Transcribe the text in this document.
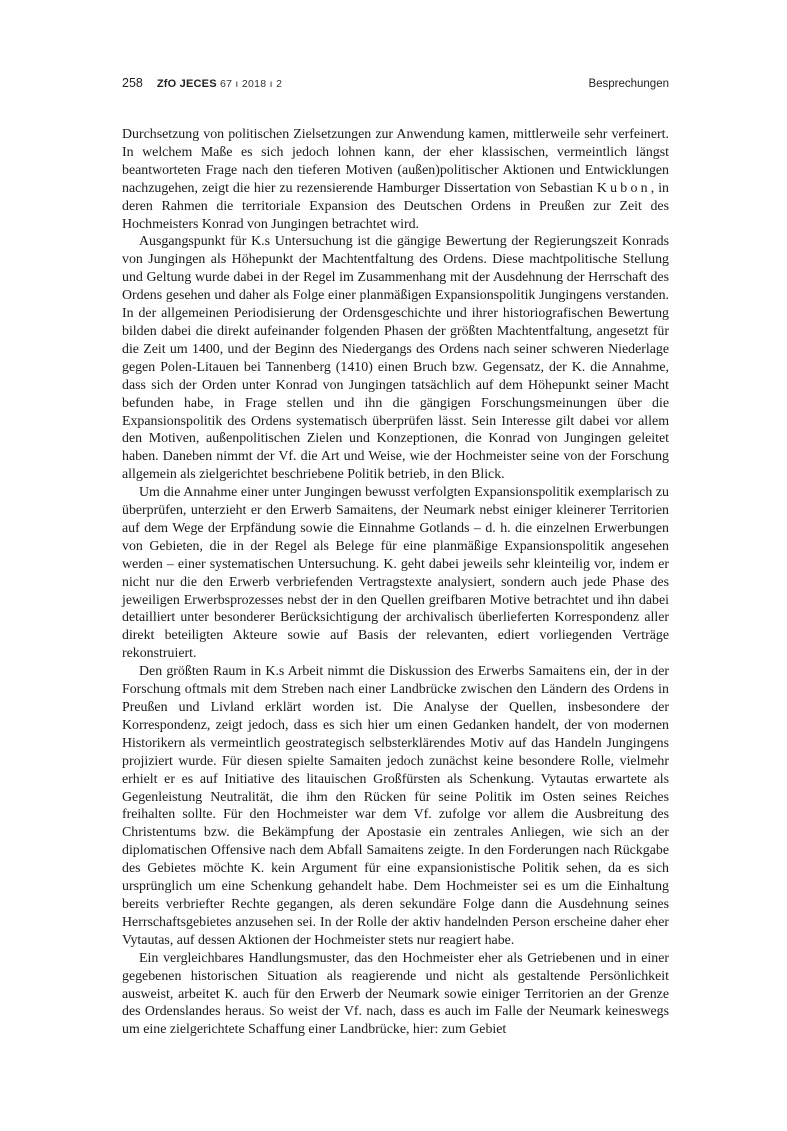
258 ZfO JECES 67 ı 2018 ı 2	Besprechungen

Durchsetzung von politischen Zielsetzungen zur Anwendung kamen, mittlerweile sehr verfeinert. In welchem Maße es sich jedoch lohnen kann, der eher klassischen, vermeintlich längst beantworteten Frage nach den tieferen Motiven (außen)politischer Aktionen und Entwicklungen nachzugehen, zeigt die hier zu rezensierende Hamburger Dissertation von Sebastian Kubon, in deren Rahmen die territoriale Expansion des Deutschen Ordens in Preußen zur Zeit des Hochmeisters Konrad von Jungingen betrachtet wird.

Ausgangspunkt für K.s Untersuchung ist die gängige Bewertung der Regierungszeit Konrads von Jungingen als Höhepunkt der Machtentfaltung des Ordens. Diese machtpolitische Stellung und Geltung wurde dabei in der Regel im Zusammenhang mit der Ausdehnung der Herrschaft des Ordens gesehen und daher als Folge einer planmäßigen Expansionspolitik Jungingens verstanden. In der allgemeinen Periodisierung der Ordensgeschichte und ihrer historiografischen Bewertung bilden dabei die direkt aufeinander folgenden Phasen der größten Machtentfaltung, angesetzt für die Zeit um 1400, und der Beginn des Niedergangs des Ordens nach seiner schweren Niederlage gegen Polen-Litauen bei Tannenberg (1410) einen Bruch bzw. Gegensatz, der K. die Annahme, dass sich der Orden unter Konrad von Jungingen tatsächlich auf dem Höhepunkt seiner Macht befunden habe, in Frage stellen und ihn die gängigen Forschungsmeinungen über die Expansionspolitik des Ordens systematisch überprüfen lässt. Sein Interesse gilt dabei vor allem den Motiven, außenpolitischen Zielen und Konzeptionen, die Konrad von Jungingen geleitet haben. Daneben nimmt der Vf. die Art und Weise, wie der Hochmeister seine von der Forschung allgemein als zielgerichtet beschriebene Politik betrieb, in den Blick.

Um die Annahme einer unter Jungingen bewusst verfolgten Expansionspolitik exemplarisch zu überprüfen, unterzieht er den Erwerb Samaitens, der Neumark nebst einiger kleinerer Territorien auf dem Wege der Erpfändung sowie die Einnahme Gotlands – d. h. die einzelnen Erwerbungen von Gebieten, die in der Regel als Belege für eine planmäßige Expansionspolitik angesehen werden – einer systematischen Untersuchung. K. geht dabei jeweils sehr kleinteilig vor, indem er nicht nur die den Erwerb verbriefenden Vertragstexte analysiert, sondern auch jede Phase des jeweiligen Erwerbsprozesses nebst der in den Quellen greifbaren Motive betrachtet und ihn dabei detailliert unter besonderer Berücksichtigung der archivalisch überlieferten Korrespondenz aller direkt beteiligten Akteure sowie auf Basis der relevanten, ediert vorliegenden Verträge rekonstruiert.

Den größten Raum in K.s Arbeit nimmt die Diskussion des Erwerbs Samaitens ein, der in der Forschung oftmals mit dem Streben nach einer Landbrücke zwischen den Ländern des Ordens in Preußen und Livland erklärt worden ist. Die Analyse der Quellen, insbesondere der Korrespondenz, zeigt jedoch, dass es sich hier um einen Gedanken handelt, der von modernen Historikern als vermeintlich geostrategisch selbsterklärendes Motiv auf das Handeln Jungingens projiziert wurde. Für diesen spielte Samaiten jedoch zunächst keine besondere Rolle, vielmehr erhielt er es auf Initiative des litauischen Großfürsten als Schenkung. Vytautas erwartete als Gegenleistung Neutralität, die ihm den Rücken für seine Politik im Osten seines Reiches freihalten sollte. Für den Hochmeister war dem Vf. zufolge vor allem die Ausbreitung des Christentums bzw. die Bekämpfung der Apostasie ein zentrales Anliegen, wie sich an der diplomatischen Offensive nach dem Abfall Samaitens zeigte. In den Forderungen nach Rückgabe des Gebietes möchte K. kein Argument für eine expansionistische Politik sehen, da es sich ursprünglich um eine Schenkung gehandelt habe. Dem Hochmeister sei es um die Einhaltung bereits verbriefter Rechte gegangen, als deren sekundäre Folge dann die Ausdehnung seines Herrschaftsgebietes anzusehen sei. In der Rolle der aktiv handelnden Person erscheine daher eher Vytautas, auf dessen Aktionen der Hochmeister stets nur reagiert habe.

Ein vergleichbares Handlungsmuster, das den Hochmeister eher als Getriebenen und in einer gegebenen historischen Situation als reagierende und nicht als gestaltende Persönlichkeit ausweist, arbeitet K. auch für den Erwerb der Neumark sowie einiger Territorien an der Grenze des Ordenslandes heraus. So weist der Vf. nach, dass es auch im Falle der Neumark keineswegs um eine zielgerichtete Schaffung einer Landbrücke, hier: zum Gebiet
